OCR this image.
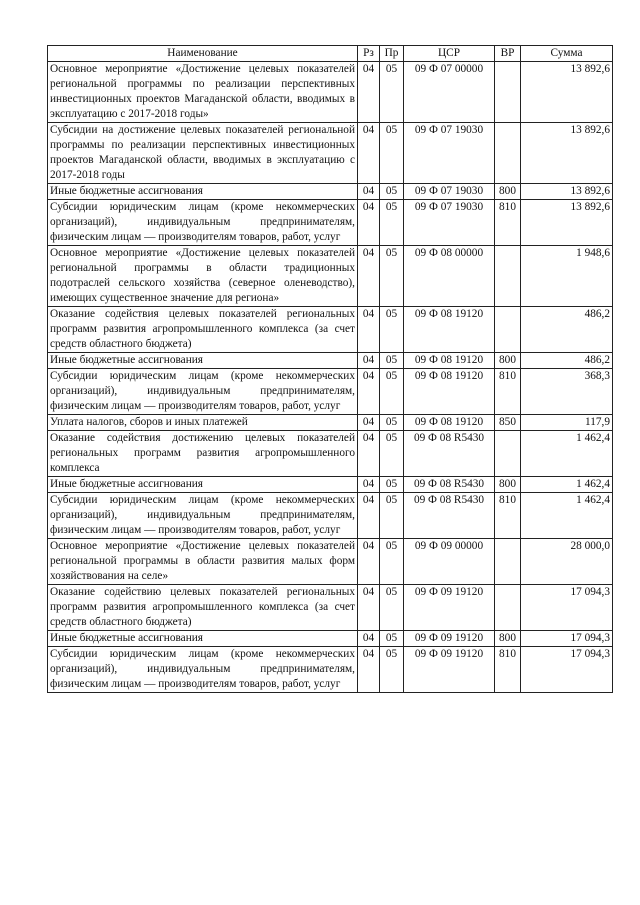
Наименование	Рз	Пр	ЦСР	ВР	Сумма
Основное мероприятие «Достижение целевых показателей региональной программы по реализации перспективных инвестиционных проектов Магаданской области, вводимых в эксплуатацию с 2017-2018 годы»	04	05	09 Ф 07 00000		13 892,6
Субсидии на достижение целевых показателей региональной программы по реализации перспективных инвестиционных проектов Магаданской области, вводимых в эксплуатацию с 2017-2018 годы	04	05	09 Ф 07 19030		13 892,6
Иные бюджетные ассигнования	04	05	09 Ф 07 19030	800	13 892,6
Субсидии юридическим лицам (кроме некоммерческих организаций), индивидуальным предпринимателям, физическим лицам — производителям товаров, работ, услуг	04	05	09 Ф 07 19030	810	13 892,6
Основное мероприятие «Достижение целевых показателей региональной программы в области традиционных подотраслей сельского хозяйства (северное оленеводство), имеющих существенное значение для региона»	04	05	09 Ф 08 00000		1 948,6
Оказание содействия целевых показателей региональных программ развития агропромышленного комплекса (за счет средств областного бюджета)	04	05	09 Ф 08 19120		486,2
Иные бюджетные ассигнования	04	05	09 Ф 08 19120	800	486,2
Субсидии юридическим лицам (кроме некоммерческих организаций), индивидуальным предпринимателям, физическим лицам — производителям товаров, работ, услуг	04	05	09 Ф 08 19120	810	368,3
Уплата налогов, сборов и иных платежей	04	05	09 Ф 08 19120	850	117,9
Оказание содействия достижению целевых показателей региональных программ развития агропромышленного комплекса	04	05	09 Ф 08 R5430		1 462,4
Иные бюджетные ассигнования	04	05	09 Ф 08 R5430	800	1 462,4
Субсидии юридическим лицам (кроме некоммерческих организаций), индивидуальным предпринимателям, физическим лицам — производителям товаров, работ, услуг	04	05	09 Ф 08 R5430	810	1 462,4
Основное мероприятие «Достижение целевых показателей региональной программы в области развития малых форм хозяйствования на селе»	04	05	09 Ф 09 00000		28 000,0
Оказание содействию целевых показателей региональных программ развития агропромышленного комплекса (за счет средств областного бюджета)	04	05	09 Ф 09 19120		17 094,3
Иные бюджетные ассигнования	04	05	09 Ф 09 19120	800	17 094,3
Субсидии юридическим лицам (кроме некоммерческих организаций), индивидуальным предпринимателям, физическим лицам — производителям товаров, работ, услуг	04	05	09 Ф 09 19120	810	17 094,3
